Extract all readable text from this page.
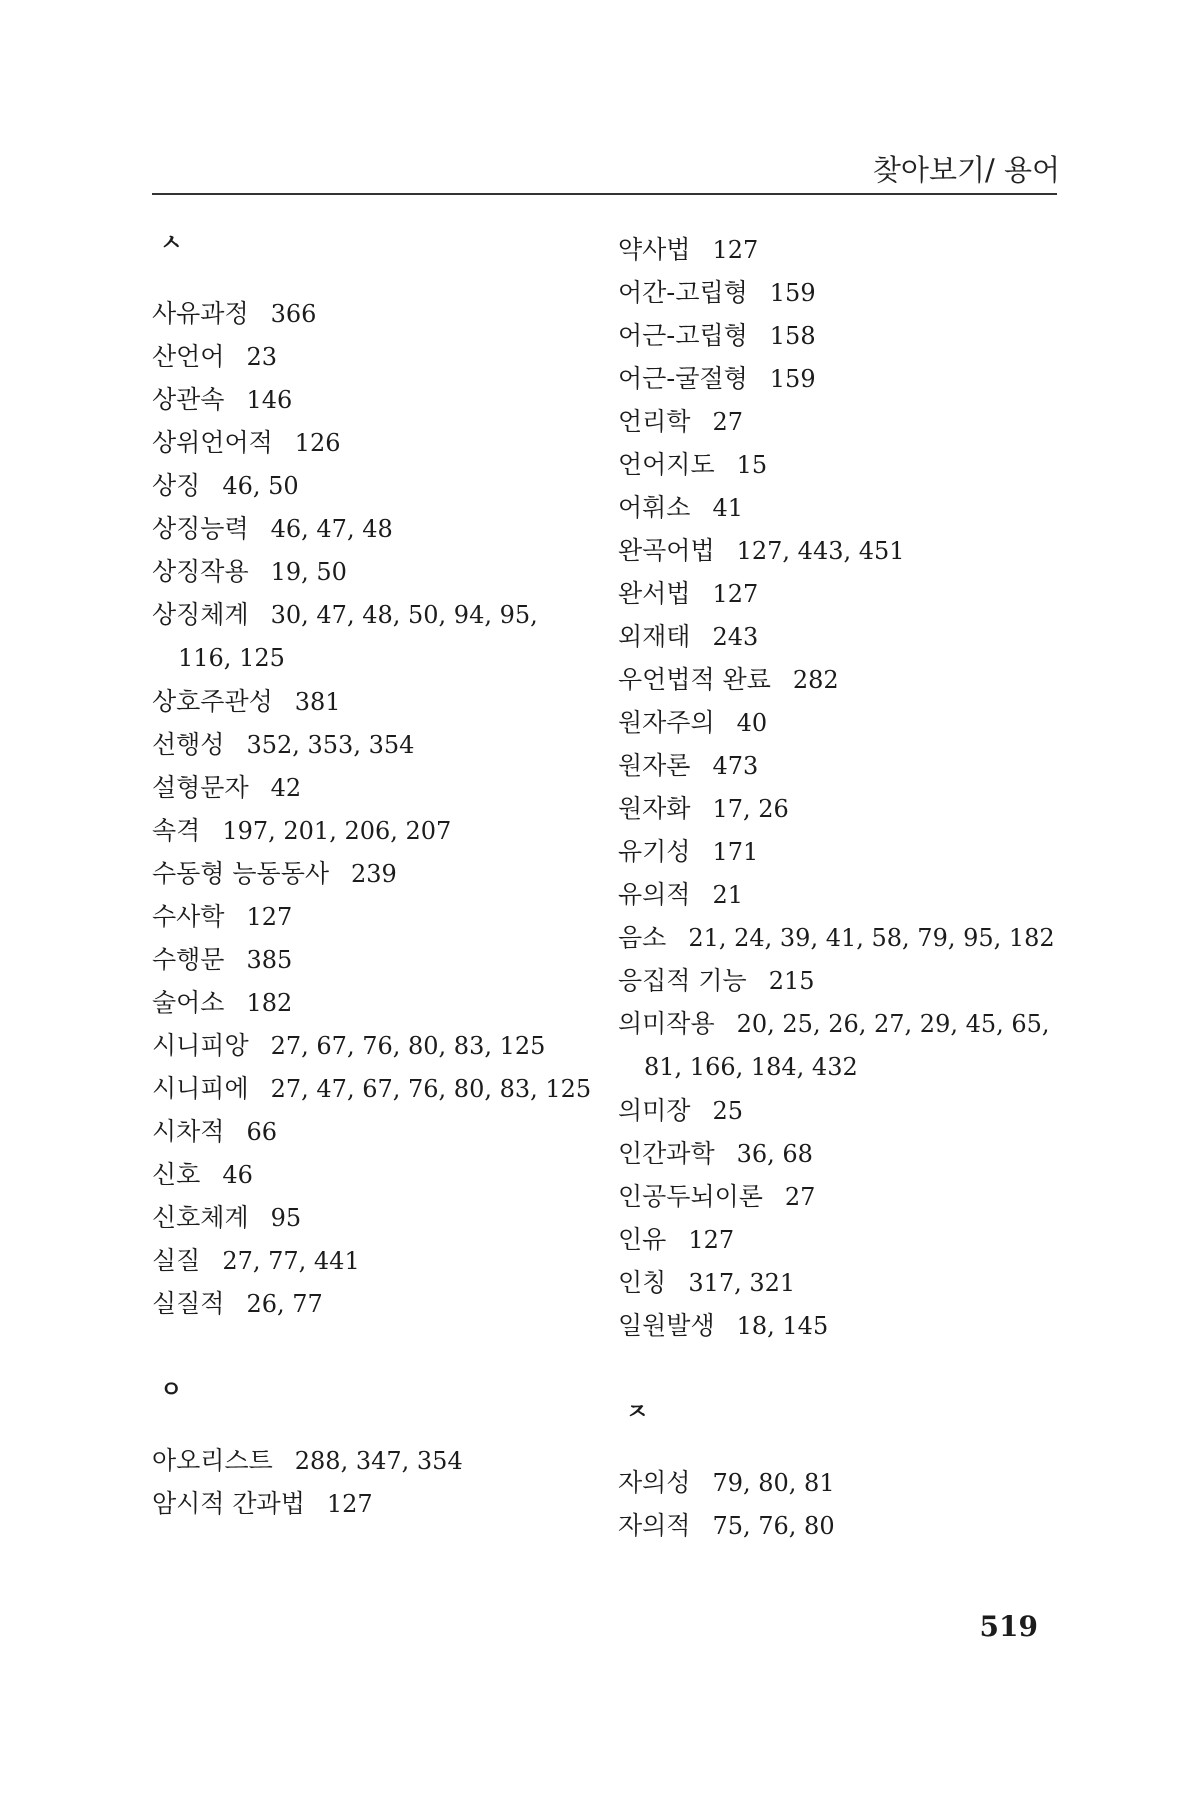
찾아보기/ 용어
ㅅ
사유과정 366
산언어 23
상관속 146
상위언어적 126
상징 46, 50
상징능력 46, 47, 48
상징작용 19, 50
상징체계 30, 47, 48, 50, 94, 95, 116, 125
상호주관성 381
선행성 352, 353, 354
설형문자 42
속격 197, 201, 206, 207
수동형 능동동사 239
수사학 127
수행문 385
술어소 182
시니피앙 27, 67, 76, 80, 83, 125
시니피에 27, 47, 67, 76, 80, 83, 125
시차적 66
신호 46
신호체계 95
실질 27, 77, 441
실질적 26, 77
ㅇ
아오리스트 288, 347, 354
암시적 간과법 127
약사법 127
어간-고립형 159
어근-고립형 158
어근-굴절형 159
언리학 27
언어지도 15
어휘소 41
완곡어법 127, 443, 451
완서법 127
외재태 243
우언법적 완료 282
원자주의 40
원자론 473
원자화 17, 26
유기성 171
유의적 21
음소 21, 24, 39, 41, 58, 79, 95, 182
응집적 기능 215
의미작용 20, 25, 26, 27, 29, 45, 65, 81, 166, 184, 432
의미장 25
인간과학 36, 68
인공두뇌이론 27
인유 127
인칭 317, 321
일원발생 18, 145
ㅈ
자의성 79, 80, 81
자의적 75, 76, 80
519
